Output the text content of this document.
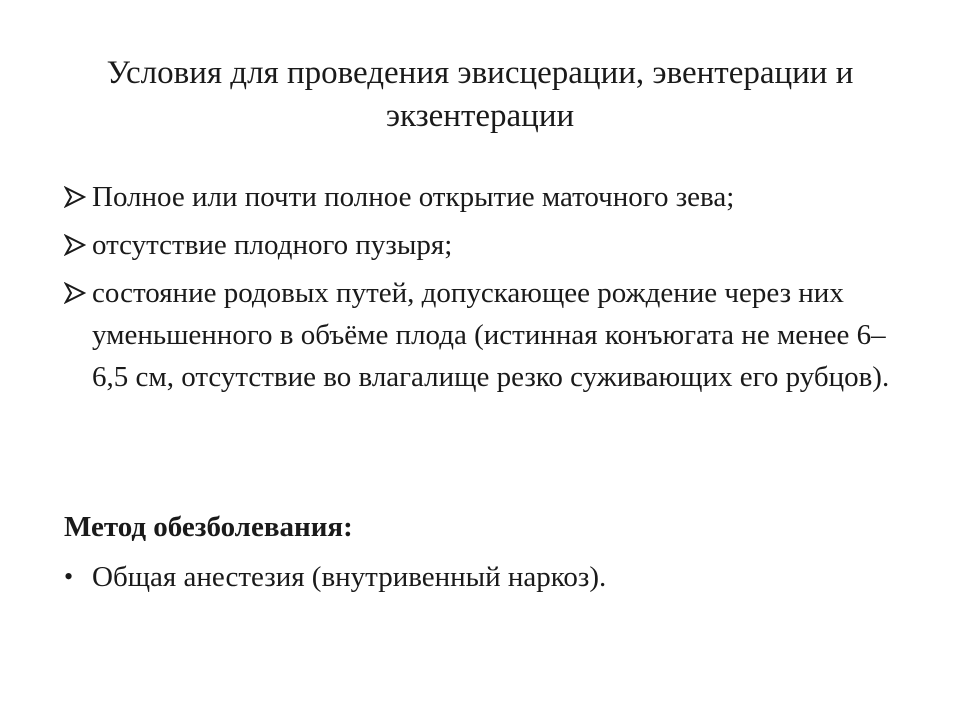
Условия для проведения эвисцерации, эвентерации и экзентерации
Полное или почти полное открытие маточного зева;
отсутствие плодного пузыря;
состояние родовых путей, допускающее рождение через них уменьшенного в объёме плода (истинная конъюгата не менее 6–6,5 см, отсутствие во влагалище резко суживающих его рубцов).

Метод обезболевания:

• Общая анестезия (внутривенный наркоз).
